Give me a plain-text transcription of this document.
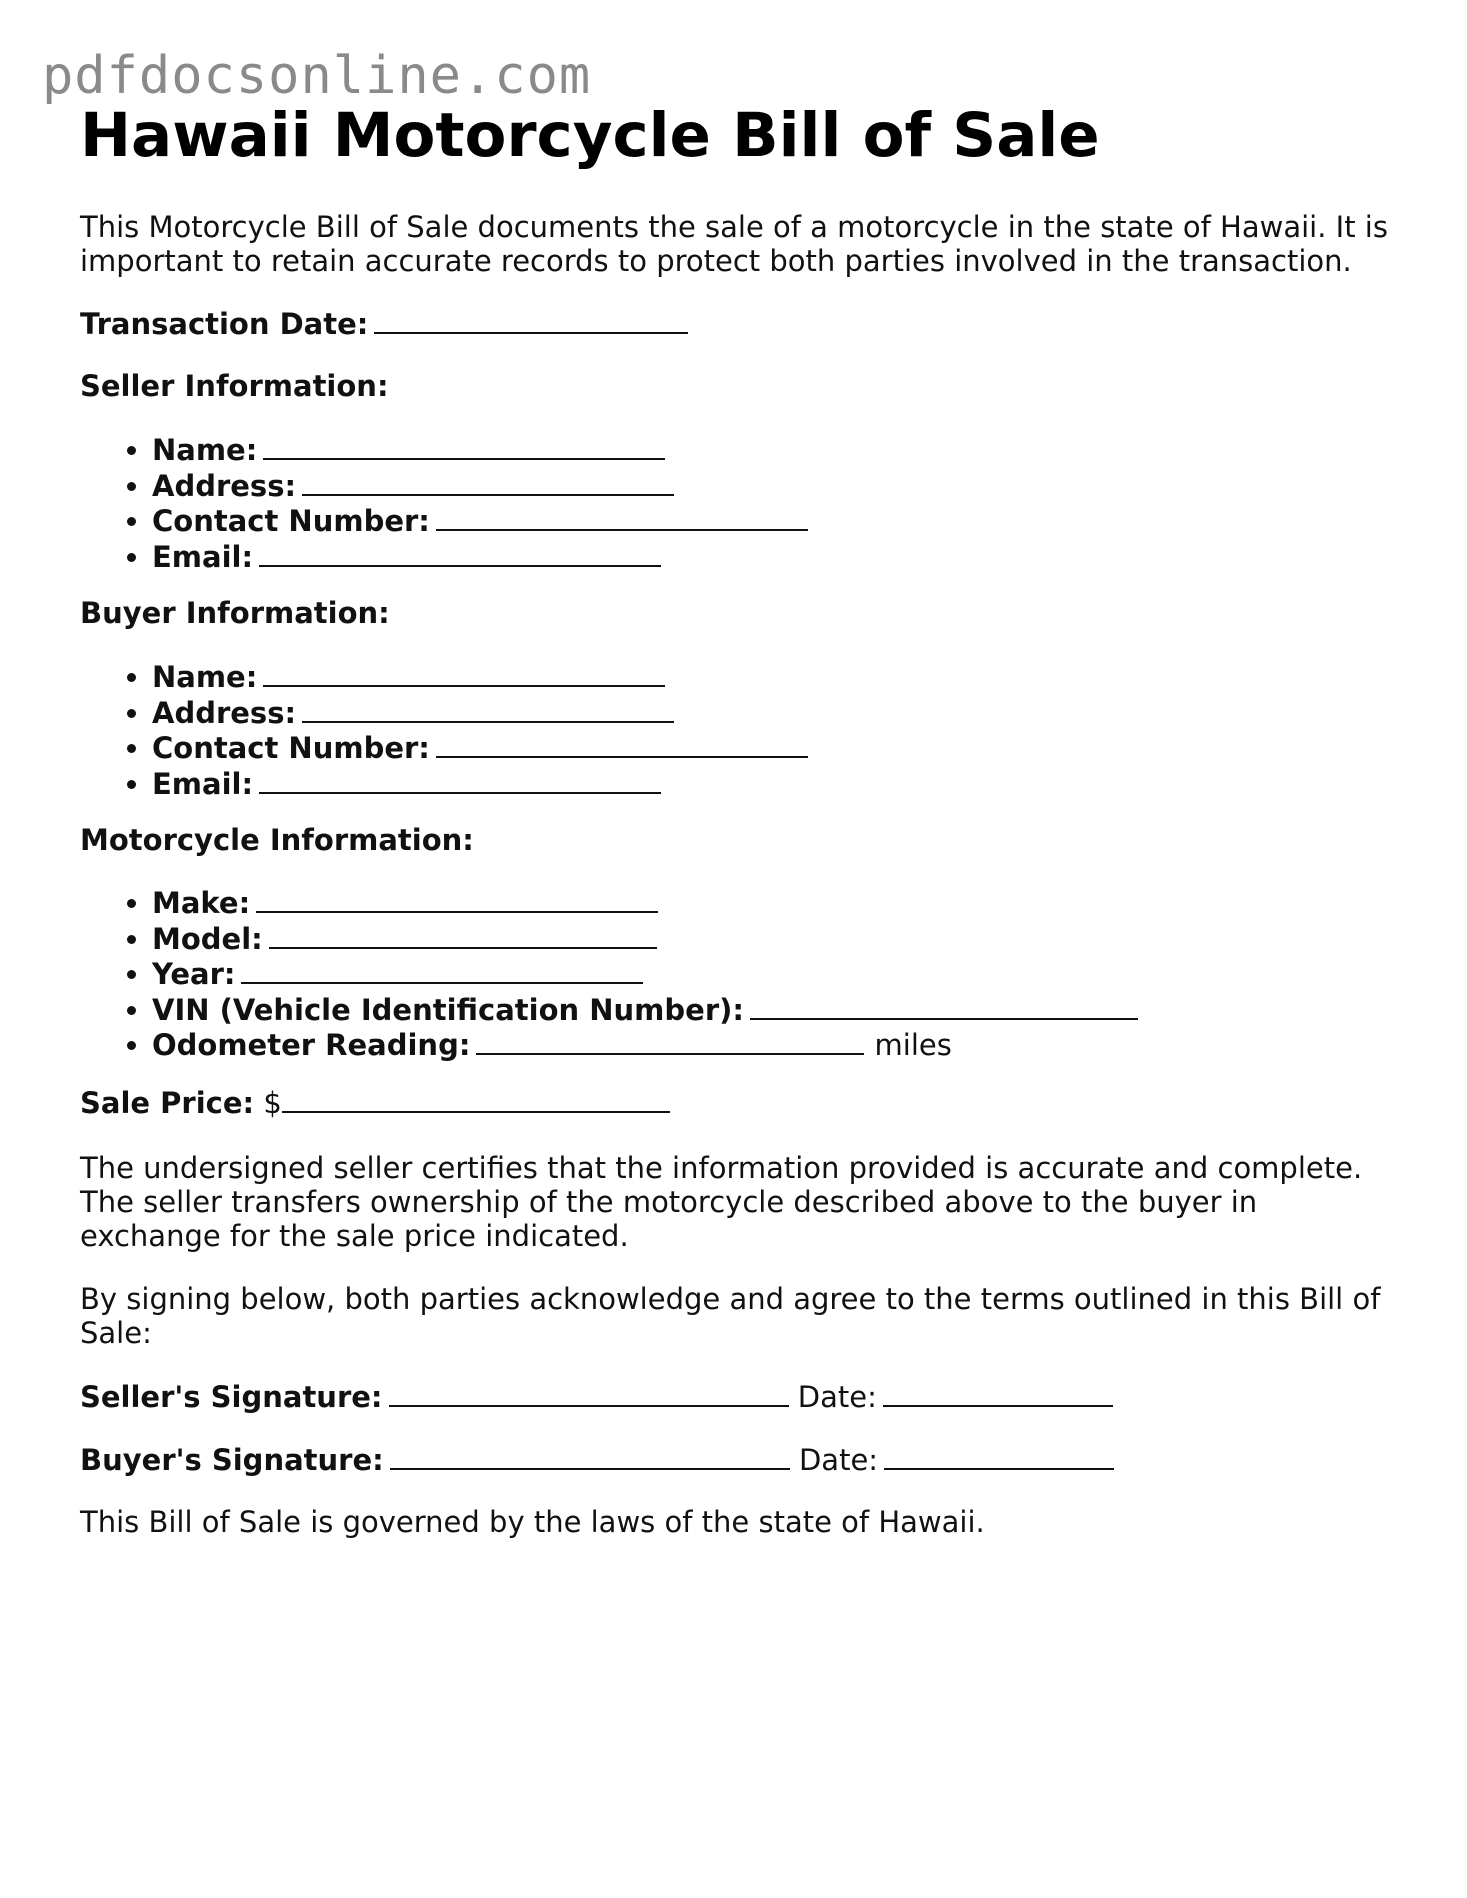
pdfdocsonline.com

Hawaii Motorcycle Bill of Sale

This Motorcycle Bill of Sale documents the sale of a motorcycle in the state of Hawaii. It is

important to retain accurate records to protect both parties involved in the transaction.

Transaction Date:

Seller Information:

• Name:
• Address:
• Contact Number:
• Email:

Buyer Information:

• Name:
• Address:
• Contact Number:
• Email:

Motorcycle Information:

• Make:
• Model:
• Year:
• VIN (Vehicle Identification Number):
• Odometer Reading:	miles

Sale Price: $

The undersigned seller certifies that the information provided is accurate and complete.

The seller transfers ownership of the motorcycle described above to the buyer in

exchange for the sale price indicated.

By signing below, both parties acknowledge and agree to the terms outlined in this Bill of

Sale:

Seller's Signature:	Date:

Buyer's Signature:	Date:

This Bill of Sale is governed by the laws of the state of Hawaii.
